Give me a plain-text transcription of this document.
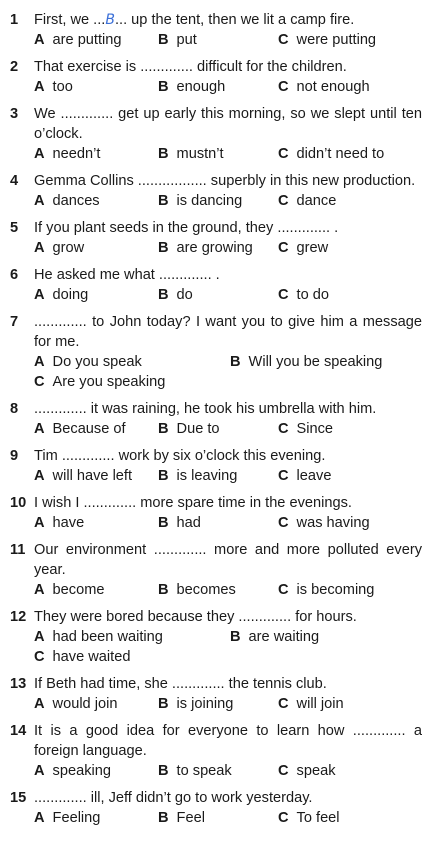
1	First, we ...B... up the tent, then we lit a camp fire.
A are putting	B put	C were putting
2	That exercise is ............. difficult for the children.
A too	B enough	C not enough
3	We ............. get up early this morning, so we slept until ten o’clock.
A needn’t	B mustn’t	C didn’t need to
4	Gemma Collins ................. superbly in this new production.
A dances	B is dancing	C dance
5	If you plant seeds in the ground, they ............. .
A grow	B are growing	C grew
6	He asked me what ............. .
A doing	B do	C to do
7	............. to John today? I want you to give him a message for me.
A Do you speak	B Will you be speaking
C Are you speaking
8	............. it was raining, he took his umbrella with him.
A Because of	B Due to	C Since
9	Tim ............. work by six o’clock this evening.
A will have left	B is leaving	C leave
10 I wish I ............. more spare time in the evenings.
A have	B had	C was having
11 Our environment ............. more and more polluted every year.
A become	B becomes	C is becoming
12 They were bored because they ............. for hours.
A had been waiting	B are waiting
C have waited
13 If Beth had time, she ............. the tennis club.
A would join	B is joining	C will join
14 It is a good idea for everyone to learn how ............. a foreign language.
A speaking	B to speak	C speak
15 ............. ill, Jeff didn’t go to work yesterday.
A Feeling	B Feel	C To feel
